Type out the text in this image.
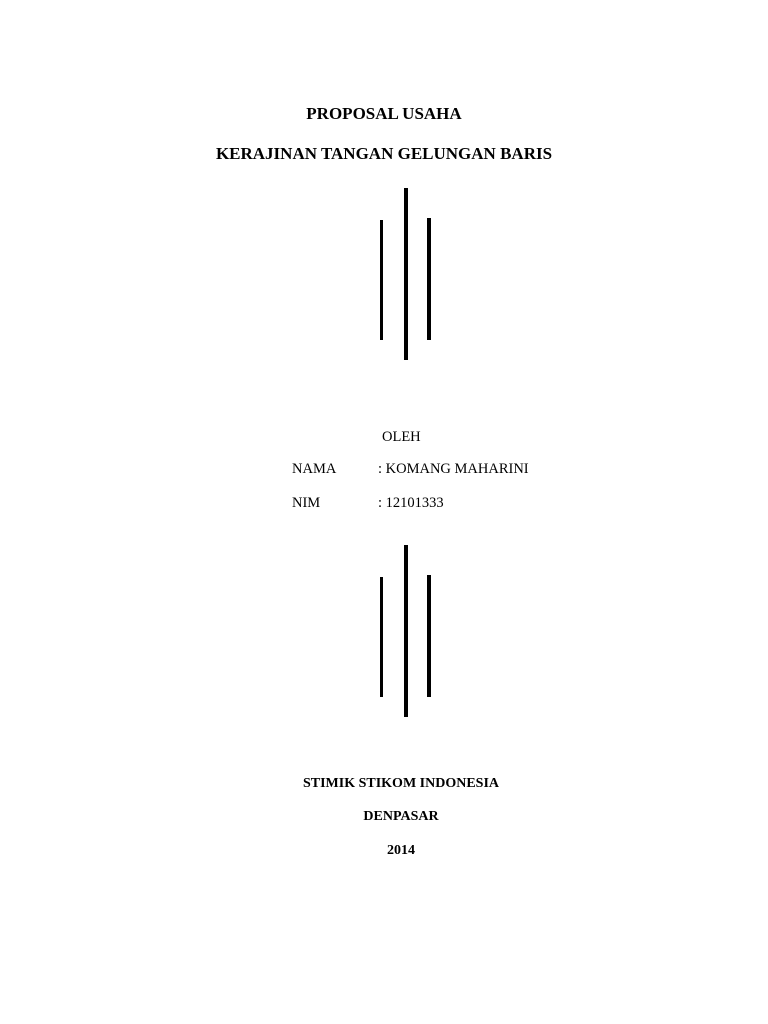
PROPOSAL USAHA
KERAJINAN TANGAN GELUNGAN BARIS

OLEH

NAMA	: KOMANG MAHARINI

NIM	: 12101333

STIMIK STIKOM INDONESIA

DENPASAR

2014
